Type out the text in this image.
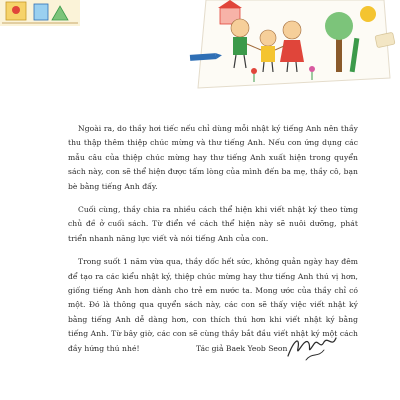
Ngoài ra, do thầy hơi tiếc nếu chỉ dùng mỗi nhật ký tiếng Anh nên thầy thu thập thêm thiệp chúc mừng và thư tiếng Anh. Nếu con ứng dụng các mẫu câu của thiệp chúc mừng hay thư tiếng Anh xuất hiện trong quyển sách này, con sẽ thể hiện được tấm lòng của mình đến ba mẹ, thầy cô, bạn bè bằng tiếng Anh đấy.

Cuối cùng, thầy chia ra nhiều cách thể hiện khi viết nhật ký theo từng chủ đề ở cuối sách. Từ điển về cách thể hiện này sẽ nuôi dưỡng, phát triển nhanh năng lực viết và nói tiếng Anh của con.

Trong suốt 1 năm vừa qua, thầy dốc hết sức, không quản ngày hay đêm để tạo ra các kiểu nhật ký, thiệp chúc mừng hay thư tiếng Anh thú vị hơn, giống tiếng Anh hơn dành cho trẻ em nước ta. Mong ước của thầy chỉ có một. Đó là thông qua quyển sách này, các con sẽ thấy việc viết nhật ký bằng tiếng Anh dễ dàng hơn, con thích thú hơn khi viết nhật ký bằng tiếng Anh. Từ bây giờ, các con sẽ cùng thầy bắt đầu viết nhật ký một cách đầy hứng thú nhé!	Tác giả Baek Yeob Seon
